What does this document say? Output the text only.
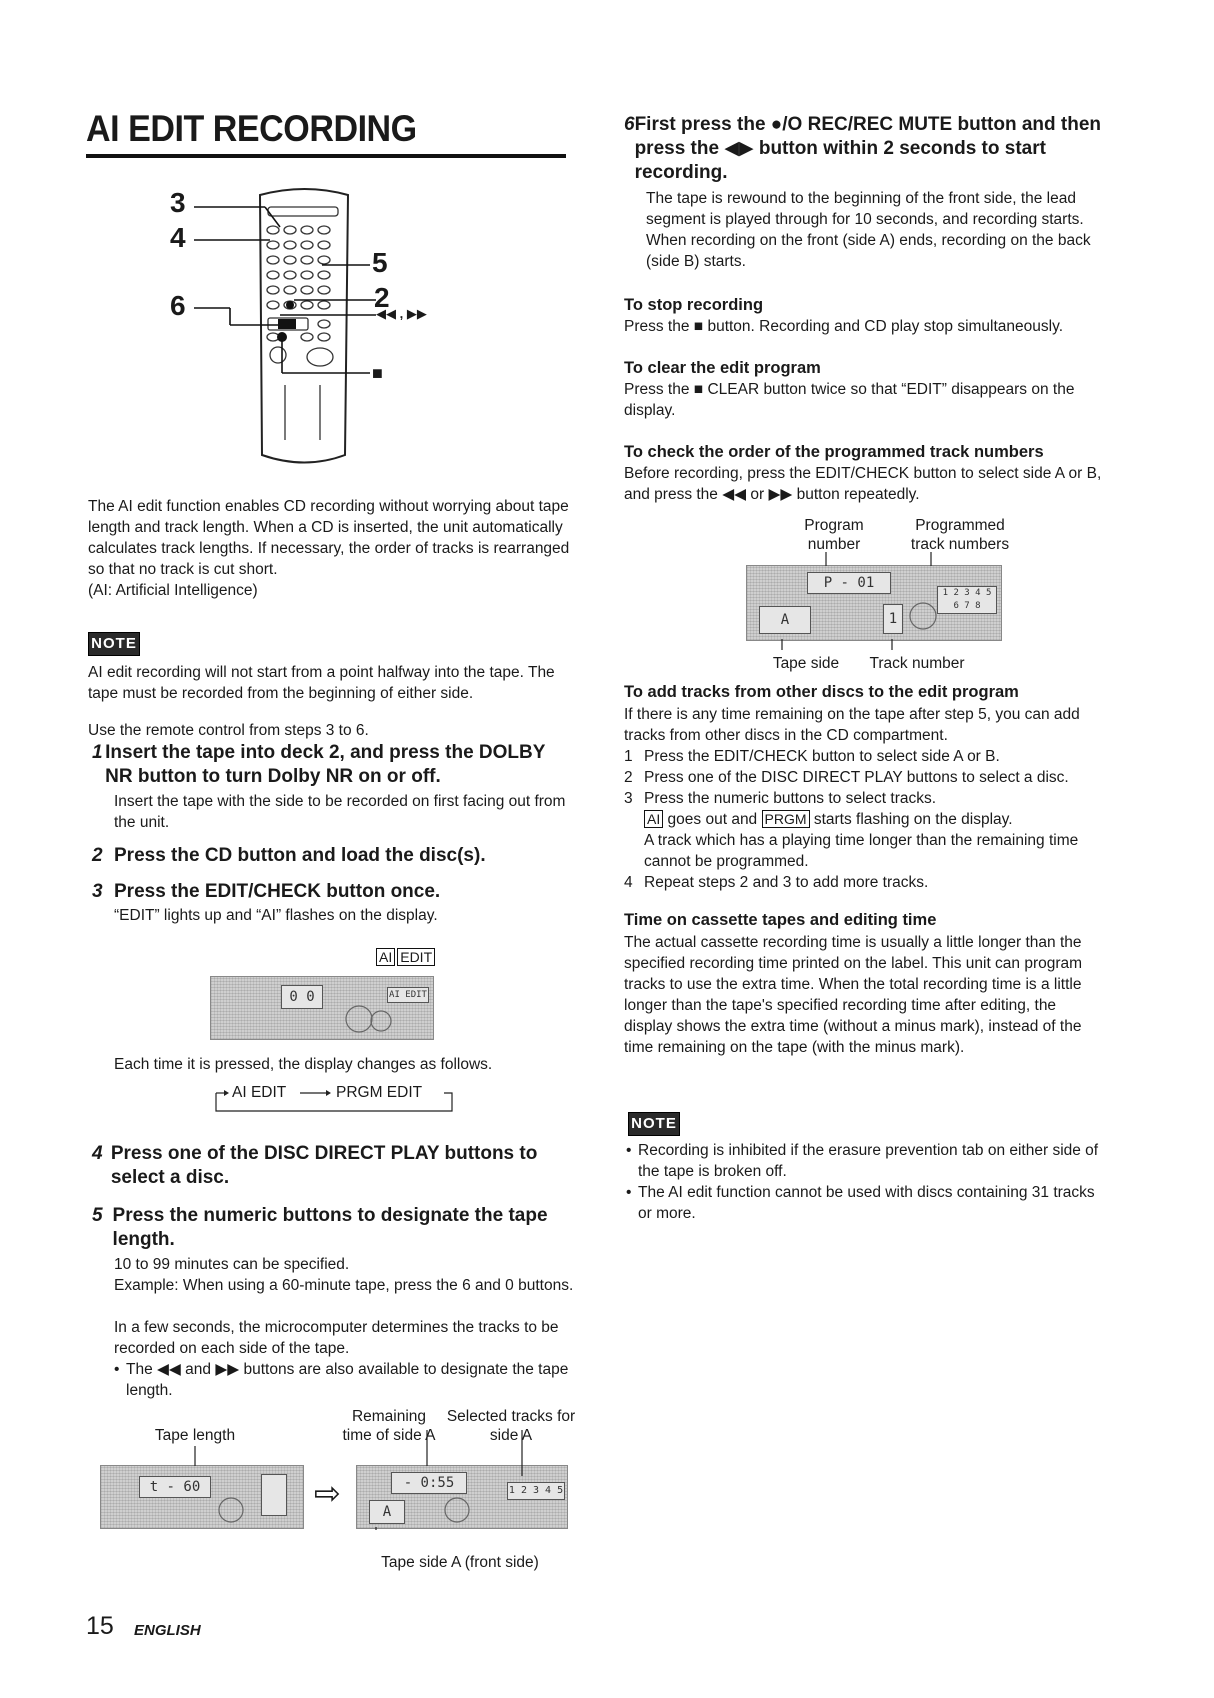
AI EDIT RECORDING
3
4
5
2
6	◀◀ , ▶▶
■
The AI edit function enables CD recording without worrying about tape length and track length. When a CD is inserted, the unit automatically calculates track lengths. If necessary, the order of tracks is rearranged so that no track is cut short.
(AI: Artificial Intelligence)
NOTE
AI edit recording will not start from a point halfway into the tape. The tape must be recorded from the beginning of either side.
Use the remote control from steps 3 to 6.
1 Insert the tape into deck 2, and press the DOLBY NR button to turn Dolby NR on or off.
Insert the tape with the side to be recorded on first facing out from the unit.
2 Press the CD button and load the disc(s).
3 Press the EDIT/CHECK button once.
“EDIT” lights up and “AI” flashes on the display.
AI EDIT
0 0	AI EDIT
Each time it is pressed, the display changes as follows.
AI EDIT	PRGM EDIT
4 Press one of the DISC DIRECT PLAY buttons to select a disc.
5 Press the numeric buttons to designate the tape length.
10 to 99 minutes can be specified.
Example: When using a 60-minute tape, press the 6 and 0 buttons.
In a few seconds, the microcomputer determines the tracks to be recorded on each side of the tape.
• The ◀◀ and ▶▶ buttons are also available to designate the tape length.
Tape length
Remaining time of side A
Selected tracks for side A
t - 60	⇨	- 0:55
A
1 2 3 4 5
Tape side A (front side)
6 First press the ●/O REC/REC MUTE button and then press the ◀▶ button within 2 seconds to start recording.
The tape is rewound to the beginning of the front side, the lead segment is played through for 10 seconds, and recording starts. When recording on the front (side A) ends, recording on the back (side B) starts.
To stop recording
Press the ■ button. Recording and CD play stop simultaneously.
To clear the edit program
Press the ■ CLEAR button twice so that “EDIT” disappears on the display.
To check the order of the programmed track numbers
Before recording, press the EDIT/CHECK button to select side A or B, and press the ◀◀ or ▶▶ button repeatedly.
Program number
Programmed track numbers
P - 01
A	1
1 2 3 4 5 6 7 8
Tape side	Track number
To add tracks from other discs to the edit program
If there is any time remaining on the tape after step 5, you can add tracks from other discs in the CD compartment.
1 Press the EDIT/CHECK button to select side A or B.
2 Press one of the DISC DIRECT PLAY buttons to select a disc.
3 Press the numeric buttons to select tracks.
AI goes out and PRGM starts flashing on the display.
A track which has a playing time longer than the remaining time cannot be programmed.
4 Repeat steps 2 and 3 to add more tracks.
Time on cassette tapes and editing time
The actual cassette recording time is usually a little longer than the specified recording time printed on the label. This unit can program tracks to use the extra time. When the total recording time is a little longer than the tape's specified recording time after editing, the display shows the extra time (without a minus mark), instead of the time remaining on the tape (with the minus mark).
NOTE
• Recording is inhibited if the erasure prevention tab on either side of the tape is broken off.
• The AI edit function cannot be used with discs containing 31 tracks or more.
15 ENGLISH
